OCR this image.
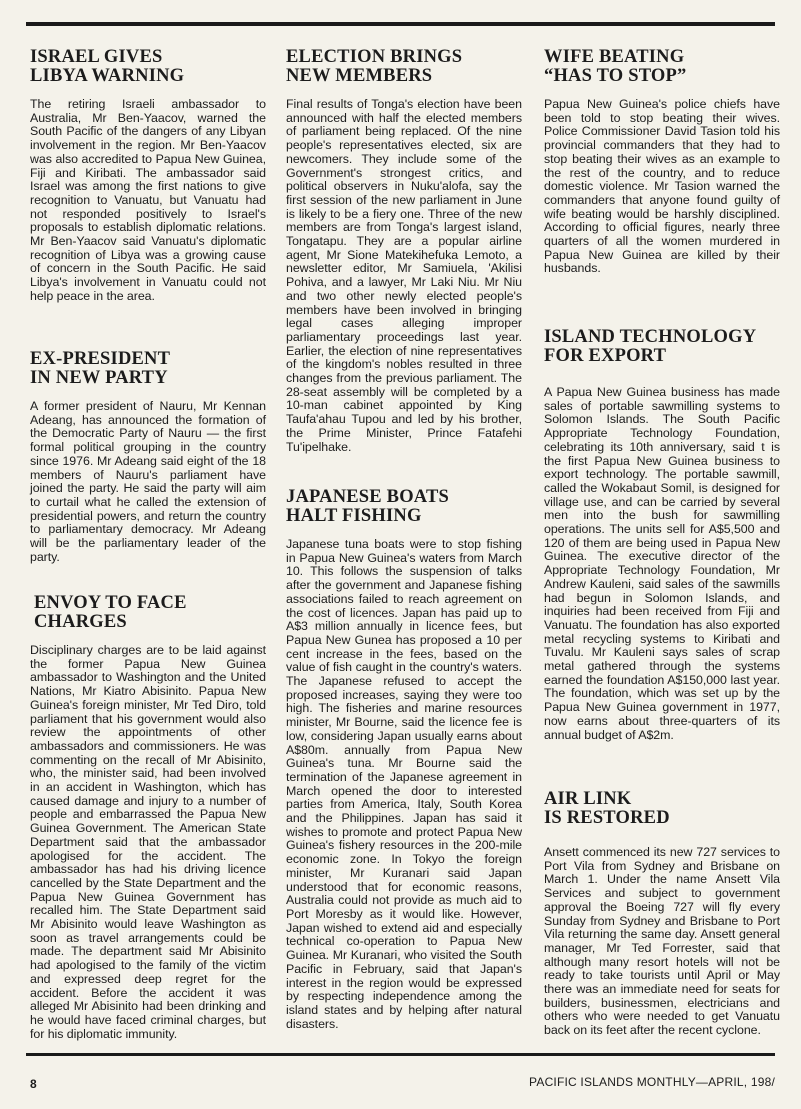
ISRAEL GIVES
LIBYA WARNING

The retiring Israeli ambassador to Australia, Mr Ben-Yaacov, warned the South Pacific of the dangers of any Libyan involvement in the region. Mr Ben-Yaacov was also accredited to Papua New Guinea, Fiji and Kiribati. The ambassador said Israel was among the first nations to give recognition to Vanuatu, but Vanuatu had not responded positively to Israel's proposals to establish diplomatic relations. Mr Ben-Yaacov said Vanuatu's diplomatic recognition of Libya was a growing cause of concern in the South Pacific. He said Libya's involvement in Vanuatu could not help peace in the area.

EX-PRESIDENT
IN NEW PARTY

A former president of Nauru, Mr Kennan Adeang, has announced the formation of the Democratic Party of Nauru — the first formal political grouping in the country since 1976. Mr Adeang said eight of the 18 members of Nauru's parliament have joined the party. He said the party will aim to curtail what he called the extension of presidential powers, and return the country to parliamentary democracy. Mr Adeang will be the parliamentary leader of the party.

ENVOY TO FACE
CHARGES

Disciplinary charges are to be laid against the former Papua New Guinea ambassador to Washington and the United Nations, Mr Kiatro Abisinito. Papua New Guinea's foreign minister, Mr Ted Diro, told parliament that his government would also review the appointments of other ambassadors and commissioners. He was commenting on the recall of Mr Abisinito, who, the minister said, had been involved in an accident in Washington, which has caused damage and injury to a number of people and embarrassed the Papua New Guinea Government. The American State Department said that the ambassador apologised for the accident. The ambassador has had his driving licence cancelled by the State Department and the Papua New Guinea Government has recalled him. The State Department said Mr Abisinito would leave Washington as soon as travel arrangements could be made. The department said Mr Abisinito had apologised to the family of the victim and expressed deep regret for the accident. Before the accident it was alleged Mr Abisinito had been drinking and he would have faced criminal charges, but for his diplomatic immunity.

ELECTION BRINGS
NEW MEMBERS

Final results of Tonga's election have been announced with half the elected members of parliament being replaced. Of the nine people's representatives elected, six are newcomers. They include some of the Government's strongest critics, and political observers in Nuku'alofa, say the first session of the new parliament in June is likely to be a fiery one. Three of the new members are from Tonga's largest island, Tongatapu. They are a popular airline agent, Mr Sione Matekihefuka Lemoto, a newsletter editor, Mr Samiuela, 'Akilisi Pohiva, and a lawyer, Mr Laki Niu. Mr Niu and two other newly elected people's members have been involved in bringing legal cases alleging improper parliamentary proceedings last year. Earlier, the election of nine representatives of the kingdom's nobles resulted in three changes from the previous parliament. The 28-seat assembly will be completed by a 10-man cabinet appointed by King Taufa'ahau Tupou and led by his brother, the Prime Minister, Prince Fatafehi Tu'ipelhake.

JAPANESE BOATS
HALT FISHING

Japanese tuna boats were to stop fishing in Papua New Guinea's waters from March 10. This follows the suspension of talks after the government and Japanese fishing associations failed to reach agreement on the cost of licences. Japan has paid up to A$3 million annually in licence fees, but Papua New Gunea has proposed a 10 per cent increase in the fees, based on the value of fish caught in the country's waters. The Japanese refused to accept the proposed increases, saying they were too high. The fisheries and marine resources minister, Mr Bourne, said the licence fee is low, considering Japan usually earns about A$80m. annually from Papua New Guinea's tuna. Mr Bourne said the termination of the Japanese agreement in March opened the door to interested parties from America, Italy, South Korea and the Philippines. Japan has said it wishes to promote and protect Papua New Guinea's fishery resources in the 200-mile economic zone. In Tokyo the foreign minister, Mr Kuranari said Japan understood that for economic reasons, Australia could not provide as much aid to Port Moresby as it would like. However, Japan wished to extend aid and especially technical co-operation to Papua New Guinea. Mr Kuranari, who visited the South Pacific in February, said that Japan's interest in the region would be expressed by respecting independence among the island states and by helping after natural disasters.

WIFE BEATING
“HAS TO STOP”

Papua New Guinea's police chiefs have been told to stop beating their wives. Police Commissioner David Tasion told his provincial commanders that they had to stop beating their wives as an example to the rest of the country, and to reduce domestic violence. Mr Tasion warned the commanders that anyone found guilty of wife beating would be harshly disciplined. According to official figures, nearly three quarters of all the women murdered in Papua New Guinea are killed by their husbands.

ISLAND TECHNOLOGY
FOR EXPORT

A Papua New Guinea business has made sales of portable sawmilling systems to Solomon Islands. The South Pacific Appropriate Technology Foundation, celebrating its 10th anniversary, said t is the first Papua New Guinea business to export technology. The portable sawmill, called the Wokabaut Somil, is designed for village use, and can be carried by several men into the bush for sawmilling operations. The units sell for A$5,500 and 120 of them are being used in Papua New Guinea. The executive director of the Appropriate Technology Foundation, Mr Andrew Kauleni, said sales of the sawmills had begun in Solomon Islands, and inquiries had been received from Fiji and Vanuatu. The foundation has also exported metal recycling systems to Kiribati and Tuvalu. Mr Kauleni says sales of scrap metal gathered through the systems earned the foundation A$150,000 last year. The foundation, which was set up by the Papua New Guinea government in 1977, now earns about three-quarters of its annual budget of A$2m.

AIR LINK
IS RESTORED

Ansett commenced its new 727 services to Port Vila from Sydney and Brisbane on March 1. Under the name Ansett Vila Services and subject to government approval the Boeing 727 will fly every Sunday from Sydney and Brisbane to Port Vila returning the same day. Ansett general manager, Mr Ted Forrester, said that although many resort hotels will not be ready to take tourists until April or May there was an immediate need for seats for builders, businessmen, electricians and others who were needed to get Vanuatu back on its feet after the recent cyclone.

8	PACIFIC ISLANDS MONTHLY—APRIL, 198/
